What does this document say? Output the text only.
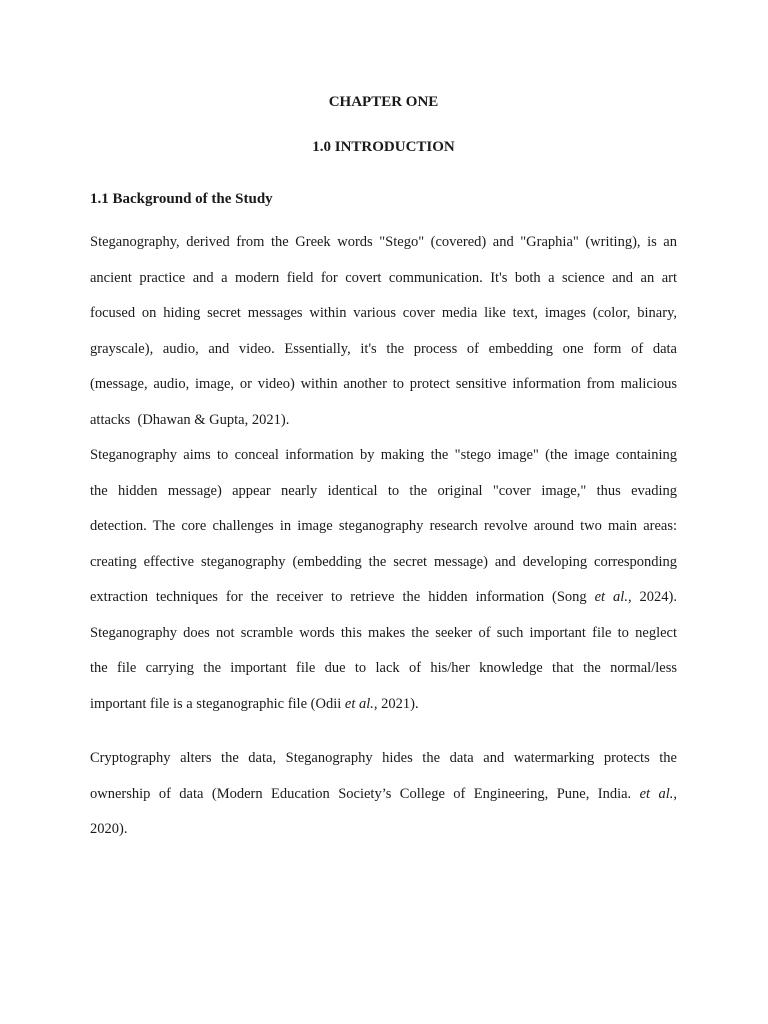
CHAPTER ONE
1.0 INTRODUCTION
1.1 Background of the Study
Steganography, derived from the Greek words "Stego" (covered) and "Graphia" (writing), is an
ancient practice and a modern field for covert communication. It's both a science and an art
focused on hiding secret messages within various cover media like text, images (color, binary,
grayscale), audio, and video. Essentially, it's the process of embedding one form of data
(message, audio, image, or video) within another to protect sensitive information from malicious
attacks  (Dhawan & Gupta, 2021).
Steganography aims to conceal information by making the "stego image" (the image containing
the hidden message) appear nearly identical to the original "cover image," thus evading
detection. The core challenges in image steganography research revolve around two main areas:
creating effective steganography (embedding the secret message) and developing corresponding
extraction techniques for the receiver to retrieve the hidden information (Song et al., 2024).
Steganography does not scramble words this makes the seeker of such important file to neglect
the file carrying the important file due to lack of his/her knowledge that the normal/less
important file is a steganographic file (Odii et al., 2021).
Cryptography alters the data, Steganography hides the data and watermarking protects the
ownership of data (Modern Education Society’s College of Engineering, Pune, India. et al.,
2020).
